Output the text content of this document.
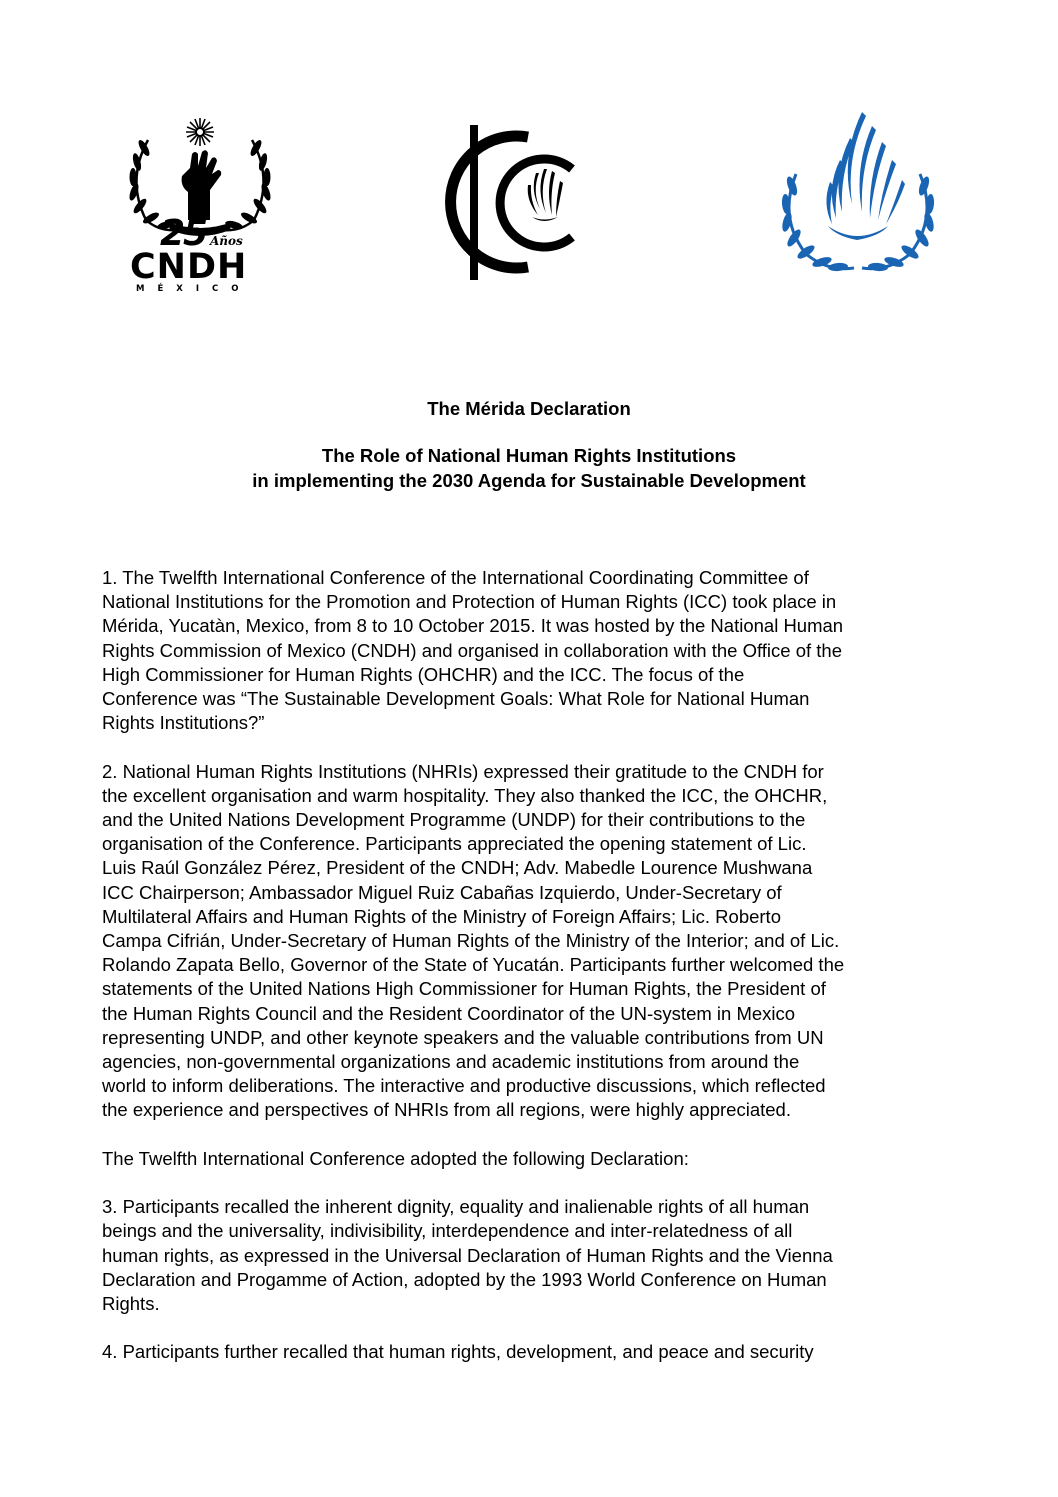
25 Años
CNDH
MÉXICO
The Mérida Declaration
The Role of National Human Rights Institutions
in implementing the 2030 Agenda for Sustainable Development

1. The Twelfth International Conference of the International Coordinating Committee of
National Institutions for the Promotion and Protection of Human Rights (ICC) took place in
Mérida, Yucatàn, Mexico, from 8 to 10 October 2015. It was hosted by the National Human
Rights Commission of Mexico (CNDH) and organised in collaboration with the Office of the
High Commissioner for Human Rights (OHCHR) and the ICC. The focus of the
Conference was “The Sustainable Development Goals: What Role for National Human
Rights Institutions?”

2. National Human Rights Institutions (NHRIs) expressed their gratitude to the CNDH for
the excellent organisation and warm hospitality. They also thanked the ICC, the OHCHR,
and the United Nations Development Programme (UNDP) for their contributions to the
organisation of the Conference. Participants appreciated the opening statement of Lic.
Luis Raúl González Pérez, President of the CNDH; Adv. Mabedle Lourence Mushwana
ICC Chairperson; Ambassador Miguel Ruiz Cabañas Izquierdo, Under-Secretary of
Multilateral Affairs and Human Rights of the Ministry of Foreign Affairs; Lic. Roberto
Campa Cifrián, Under-Secretary of Human Rights of the Ministry of the Interior; and of Lic.
Rolando Zapata Bello, Governor of the State of Yucatán. Participants further welcomed the
statements of the United Nations High Commissioner for Human Rights, the President of
the Human Rights Council and the Resident Coordinator of the UN-system in Mexico
representing UNDP, and other keynote speakers and the valuable contributions from UN
agencies, non-governmental organizations and academic institutions from around the
world to inform deliberations. The interactive and productive discussions, which reflected
the experience and perspectives of NHRIs from all regions, were highly appreciated.

The Twelfth International Conference adopted the following Declaration:

3. Participants recalled the inherent dignity, equality and inalienable rights of all human
beings and the universality, indivisibility, interdependence and inter-relatedness of all
human rights, as expressed in the Universal Declaration of Human Rights and the Vienna
Declaration and Progamme of Action, adopted by the 1993 World Conference on Human
Rights.

4. Participants further recalled that human rights, development, and peace and security
